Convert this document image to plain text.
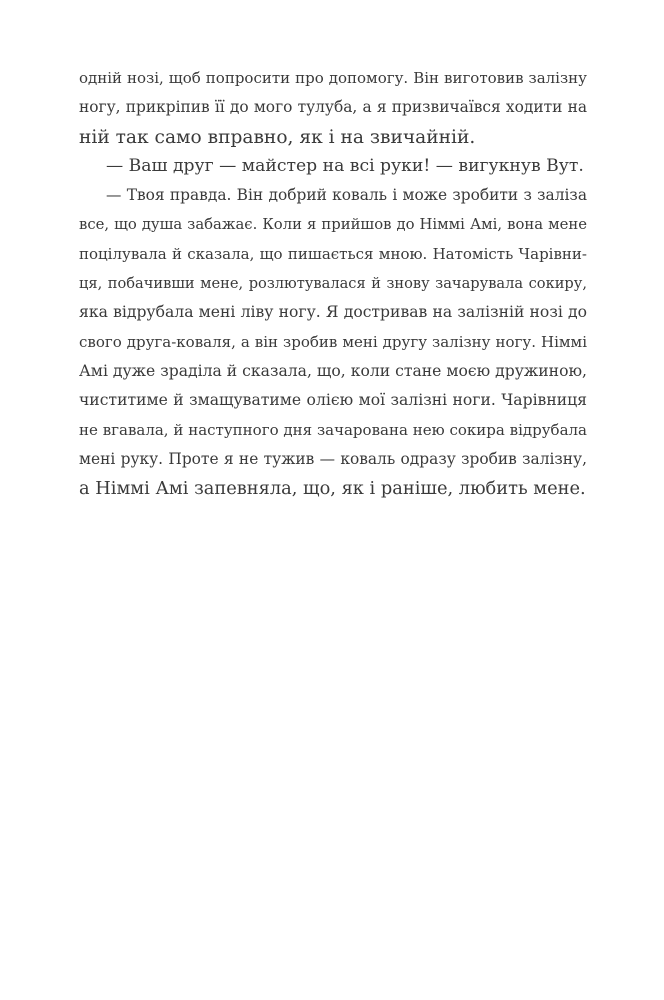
одній нозі, щоб попросити про допомогу. Він виготовив залізну
ногу, прикріпив її до мого тулуба, а я призвичаївся ходити на
ній так само вправно, як і на звичайній.
— Ваш друг — майстер на всі руки! — вигукнув Вут.
— Твоя правда. Він добрий коваль і може зробити з заліза
все, що душа забажає. Коли я прийшов до Німмі Амі, вона мене
поцілувала й сказала, що пишається мною. Натомість Чарівни-
ця, побачивши мене, розлютувалася й знову зачарувала сокиру,
яка відрубала мені ліву ногу. Я достривав на залізній нозі до
свого друга-коваля, а він зробив мені другу залізну ногу. Німмі
Амі дуже зраділа й сказала, що, коли стане моєю дружиною,
чиститиме й змащуватиме олією мої залізні ноги. Чарівниця
не вгавала, й наступного дня зачарована нею сокира відрубала
мені руку. Проте я не тужив — коваль одразу зробив залізну,
а Німмі Амі запевняла, що, як і раніше, любить мене.
